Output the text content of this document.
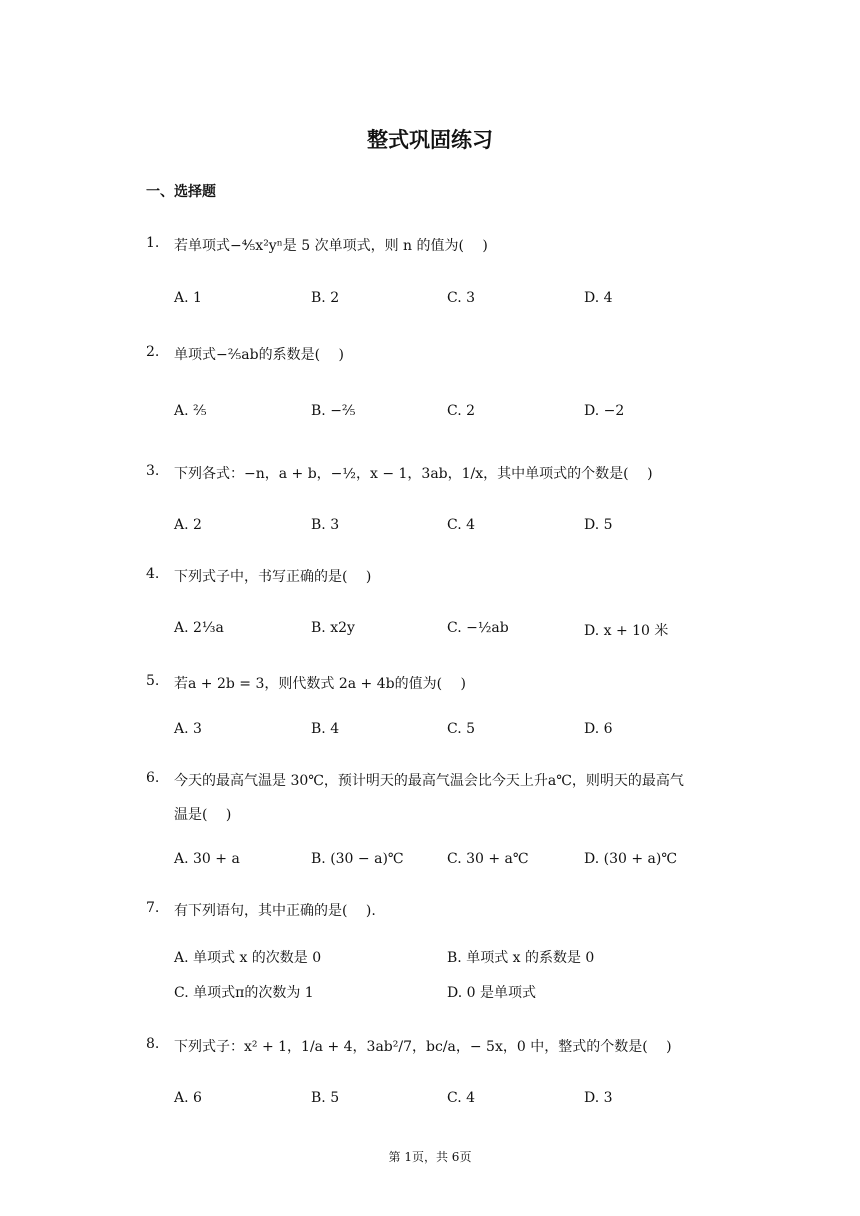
整式巩固练习
一、选择题
1. 若单项式−⅘x²yⁿ是 5 次单项式，则 n 的值为(　 )
A. 1	B. 2	C. 3	D. 4
2. 单项式−⅖ab的系数是(　 )
A. ⅖	B. −⅖	C. 2	D. −2
3. 下列各式：−n，a + b，−½，x − 1，3ab，1/x，其中单项式的个数是(　 )
A. 2	B. 3	C. 4	D. 5
4. 下列式子中，书写正确的是(　 )
A. 2⅓a	B. x2y	C. −½ab	D. x + 10 米
5. 若a + 2b = 3，则代数式 2a + 4b的值为(　 )
A. 3	B. 4	C. 5	D. 6
6. 今天的最高气温是 30℃，预计明天的最高气温会比今天上升a℃，则明天的最高气
温是(　 )
A. 30 + a	B. (30 − a)℃	C. 30 + a℃	D. (30 + a)℃
7. 有下列语句，其中正确的是(　 ).
A. 单项式 x 的次数是 0	B. 单项式 x 的系数是 0
C. 单项式π的次数为 1	D. 0 是单项式
8. 下列式子：x² + 1，1/a + 4，3ab²/7，bc/a，− 5x，0 中，整式的个数是(　 )
A. 6	B. 5	C. 4	D. 3
第 1页，共 6页
